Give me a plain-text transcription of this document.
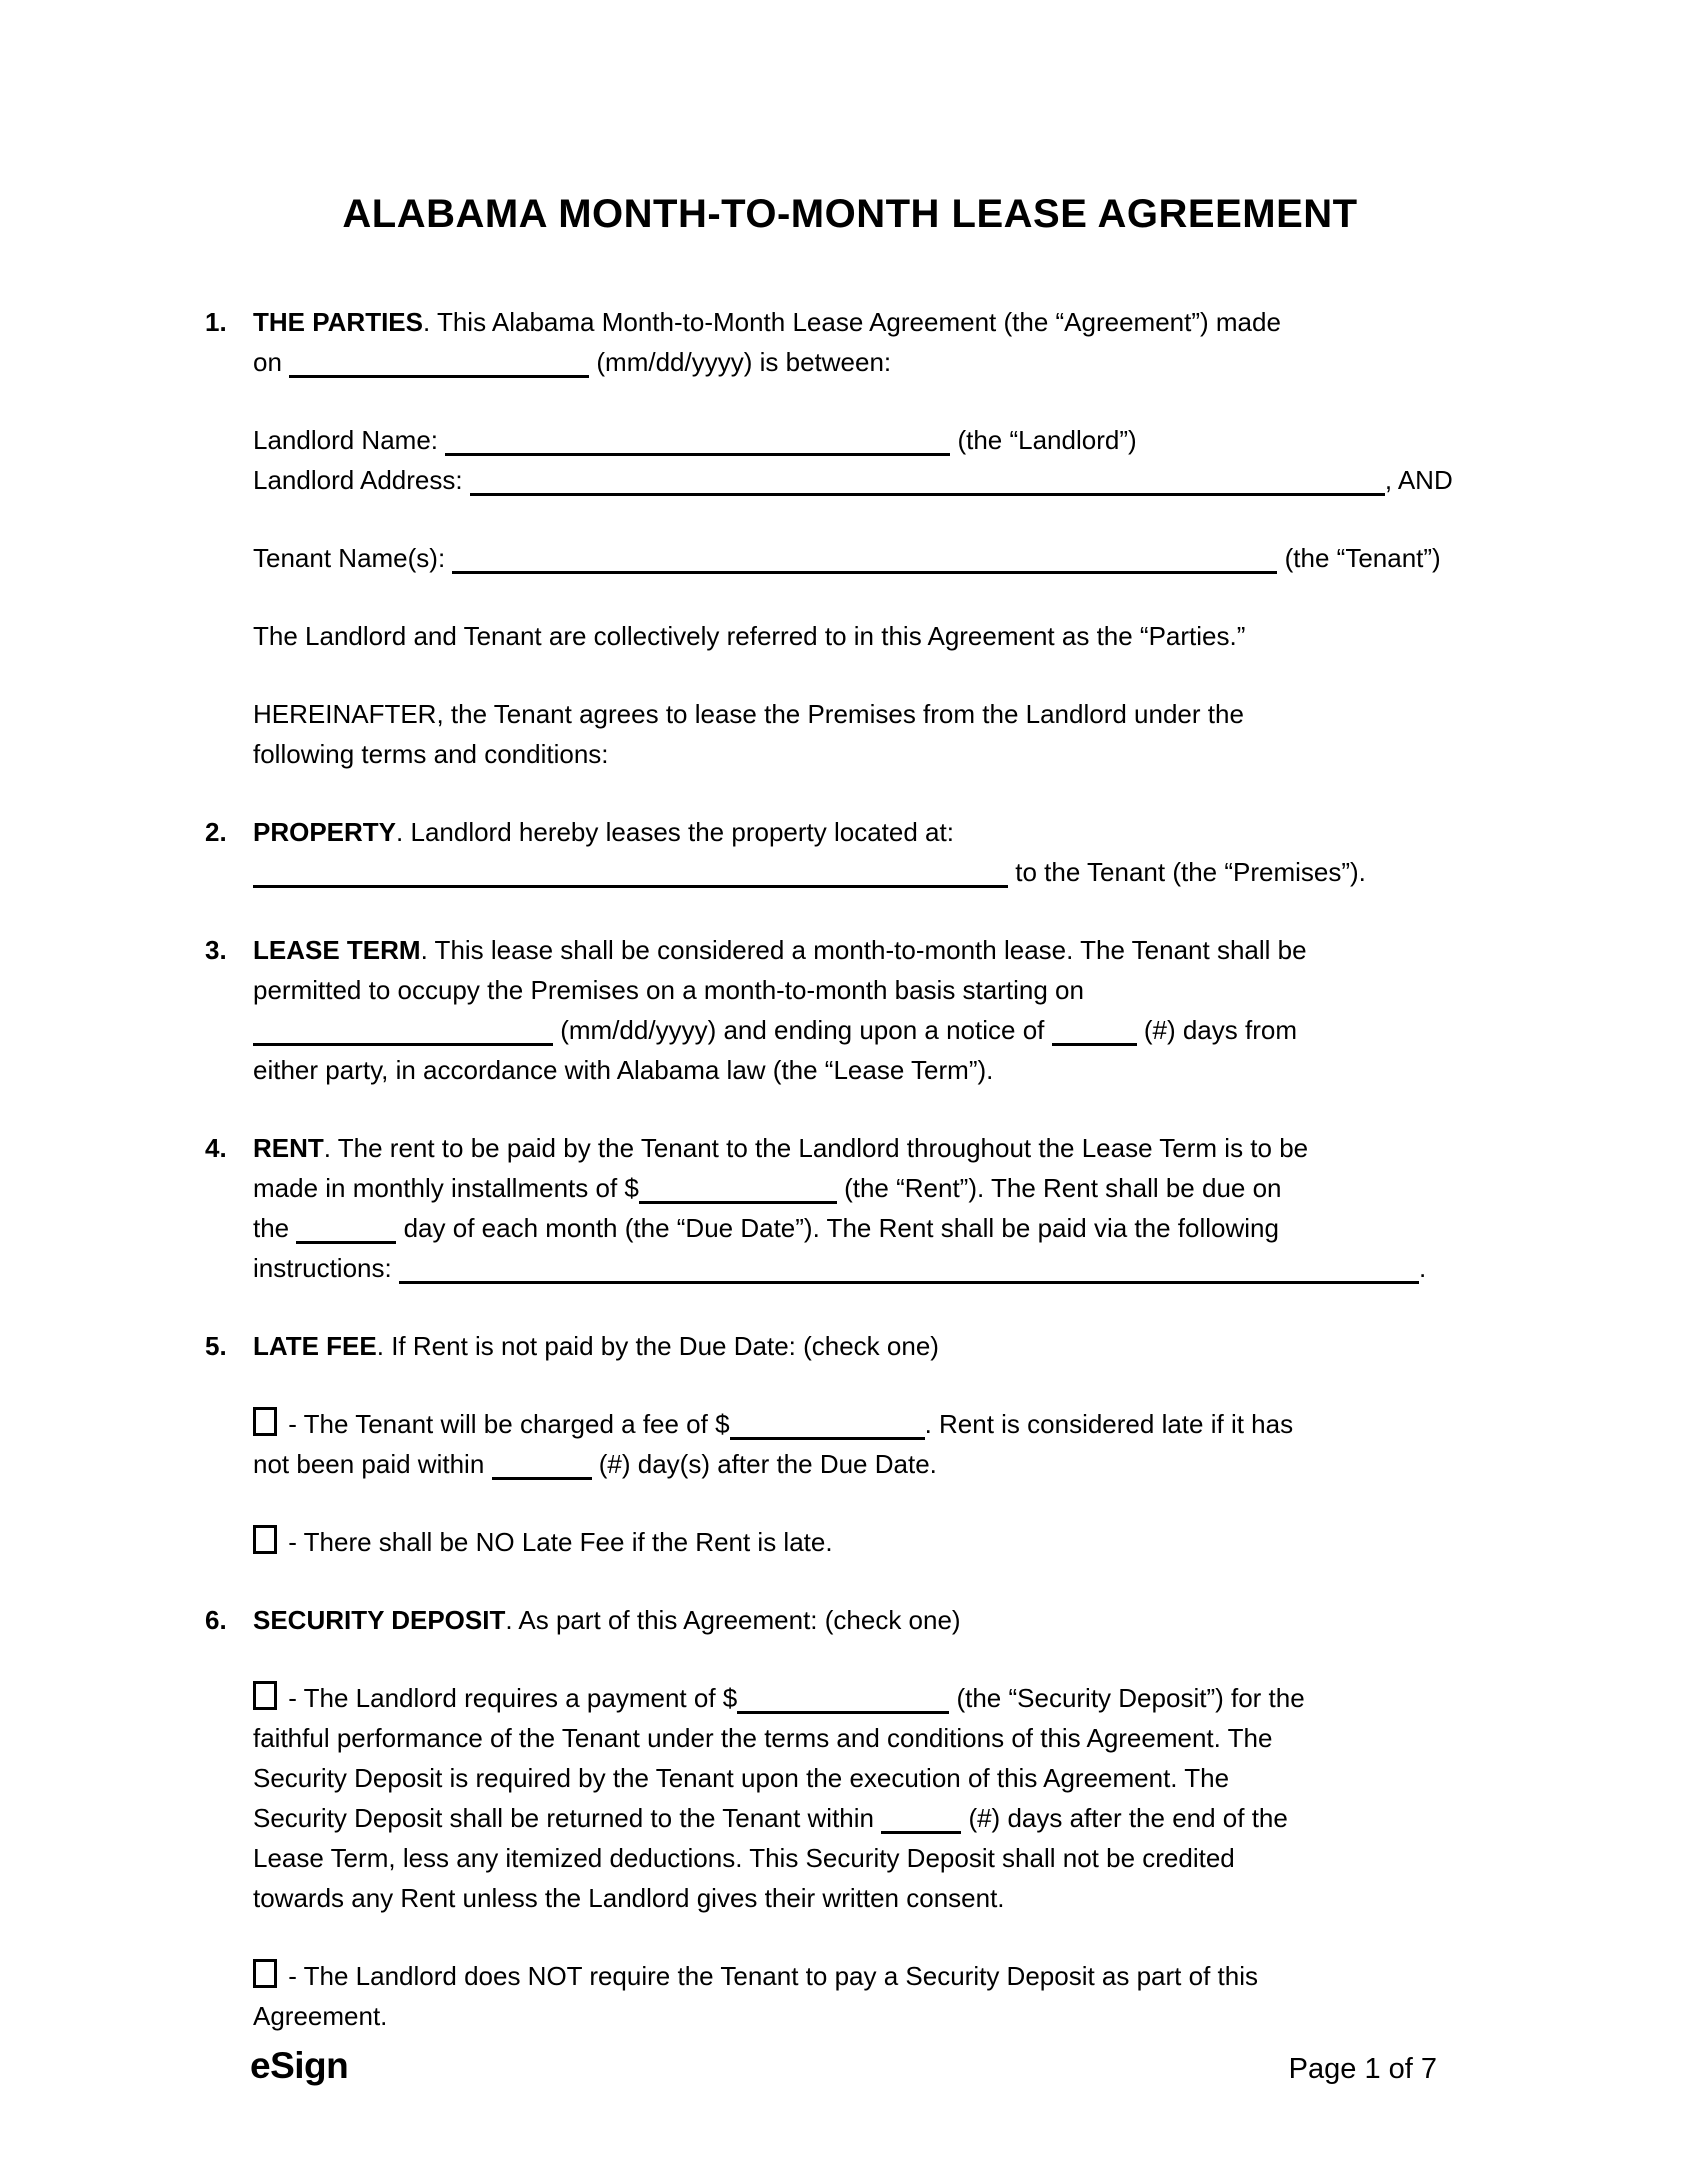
ALABAMA MONTH-TO-MONTH LEASE AGREEMENT
1. THE PARTIES. This Alabama Month-to-Month Lease Agreement (the “Agreement”) made
on	(mm/dd/yyyy) is between:
Landlord Name:	(the “Landlord”)
Landlord Address:	, AND
Tenant Name(s):	(the “Tenant”)
The Landlord and Tenant are collectively referred to in this Agreement as the “Parties.”
HEREINAFTER, the Tenant agrees to lease the Premises from the Landlord under the
following terms and conditions:
2. PROPERTY. Landlord hereby leases the property located at:
to the Tenant (the “Premises”).
3. LEASE TERM. This lease shall be considered a month-to-month lease. The Tenant shall be
permitted to occupy the Premises on a month-to-month basis starting on
(mm/dd/yyyy) and ending upon a notice of	(#) days from
either party, in accordance with Alabama law (the “Lease Term”).
4. RENT. The rent to be paid by the Tenant to the Landlord throughout the Lease Term is to be
made in monthly installments of $	(the “Rent”). The Rent shall be due on
the	day of each month (the “Due Date”). The Rent shall be paid via the following
instructions:	.
5. LATE FEE. If Rent is not paid by the Due Date: (check one)
- The Tenant will be charged a fee of $	. Rent is considered late if it has
not been paid within	(#) day(s) after the Due Date.
- There shall be NO Late Fee if the Rent is late.
6. SECURITY DEPOSIT. As part of this Agreement: (check one)
- The Landlord requires a payment of $	(the “Security Deposit”) for the
faithful performance of the Tenant under the terms and conditions of this Agreement. The
Security Deposit is required by the Tenant upon the execution of this Agreement. The
Security Deposit shall be returned to the Tenant within	(#) days after the end of the
Lease Term, less any itemized deductions. This Security Deposit shall not be credited
towards any Rent unless the Landlord gives their written consent.
- The Landlord does NOT require the Tenant to pay a Security Deposit as part of this
Agreement.
eSign	Page 1 of 7
